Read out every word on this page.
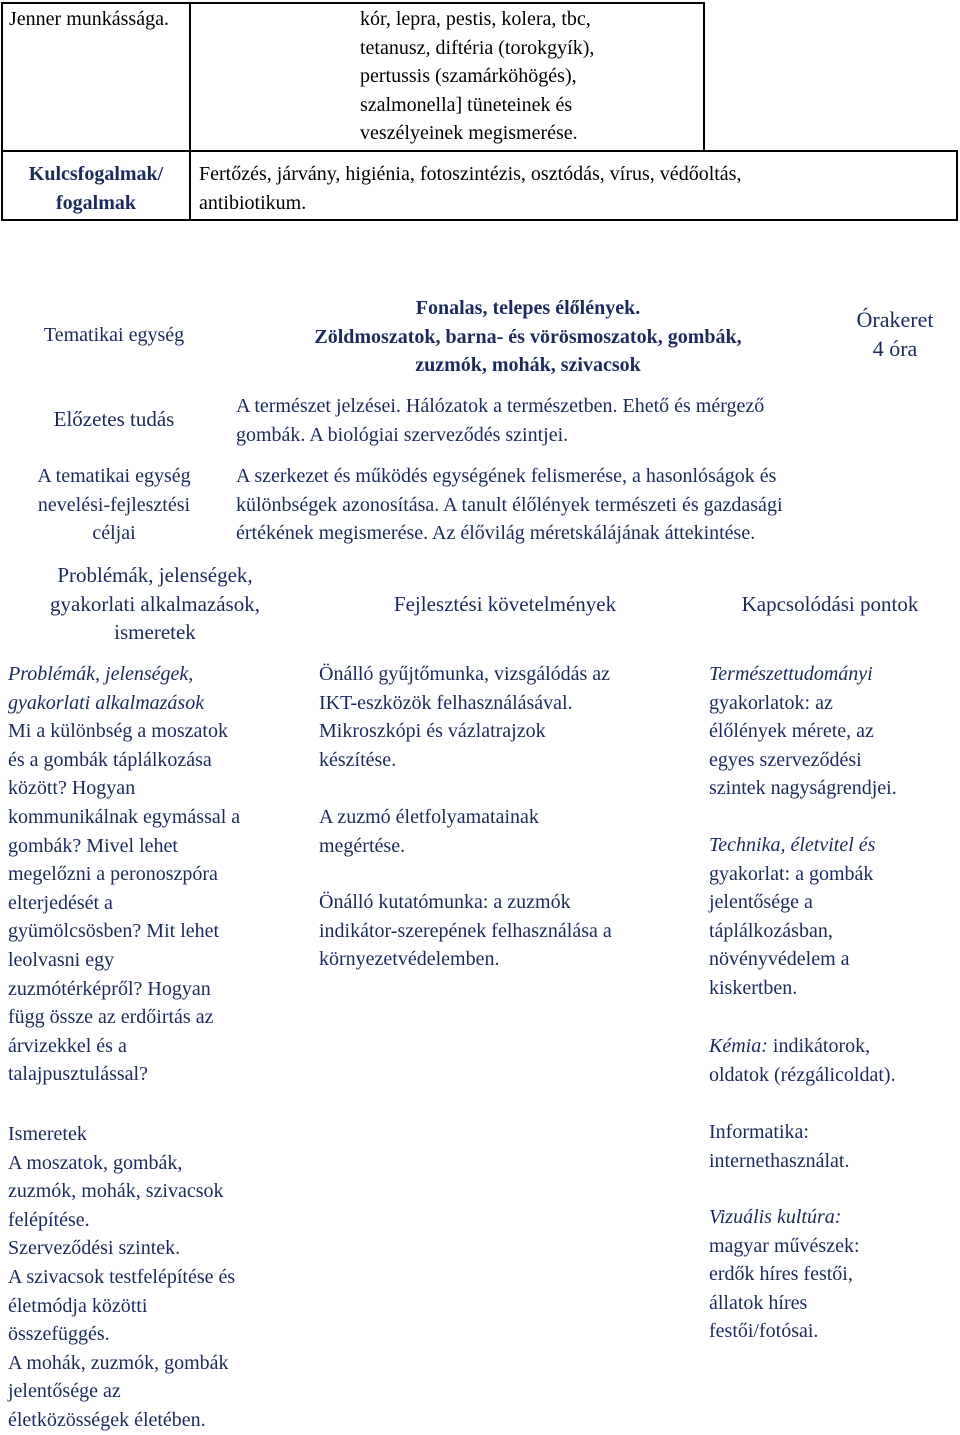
Jenner munkássága.	kór, lepra, pestis, kolera, tbc,
tetanusz, diftéria (torokgyík),
pertussis (szamárköhögés),
szalmonella] tüneteinek és
veszélyeinek megismerése.
Kulcsfogalmak/
fogalmak
Fertőzés, járvány, higiénia, fotoszintézis, osztódás, vírus, védőoltás,
antibiotikum.
Tematikai egység
Fonalas, telepes élőlények.
Zöldmoszatok, barna- és vörösmoszatok, gombák,
zuzmók, mohák, szivacsok
Órakeret
4 óra
Előzetes tudás
A természet jelzései. Hálózatok a természetben. Ehető és mérgező
gombák. A biológiai szerveződés szintjei.
A tematikai egység
nevelési-fejlesztési
céljai
A szerkezet és működés egységének felismerése, a hasonlóságok és
különbségek azonosítása. A tanult élőlények természeti és gazdasági
értékének megismerése. Az élővilág méretskálájának áttekintése.
Problémák, jelenségek,
gyakorlati alkalmazások,
ismeretek
Fejlesztési követelmények	Kapcsolódási pontok
Problémák, jelenségek,
gyakorlati alkalmazások
Mi a különbség a moszatok
és a gombák táplálkozása
között? Hogyan
kommunikálnak egymással a
gombák? Mivel lehet
megelőzni a peronoszpóra
elterjedését a
gyümölcsösben? Mit lehet
leolvasni egy
zuzmótérképről? Hogyan
függ össze az erdőirtás az
árvizekkel és a
talajpusztulással?
Ismeretek
A moszatok, gombák,
zuzmók, mohák, szivacsok
felépítése.
Szerveződési szintek.
A szivacsok testfelépítése és
életmódja közötti
összefüggés.
A mohák, zuzmók, gombák
jelentősége az
életközösségek életében.
Önálló gyűjtőmunka, vizsgálódás az
IKT-eszközök felhasználásával.
Mikroszkópi és vázlatrajzok
készítése.
A zuzmó életfolyamatainak
megértése.
Önálló kutatómunka: a zuzmók
indikátor-szerepének felhasználása a
környezetvédelemben.
Természettudományi
gyakorlatok: az
élőlények mérete, az
egyes szerveződési
szintek nagyságrendjei.
Technika, életvitel és
gyakorlat: a gombák
jelentősége a
táplálkozásban,
növényvédelem a
kiskertben.
Kémia: indikátorok,
oldatok (rézgálicoldat).
Informatika:
internethasználat.
Vizuális kultúra:
magyar művészek:
erdők híres festői,
állatok híres
festői/fotósai.
